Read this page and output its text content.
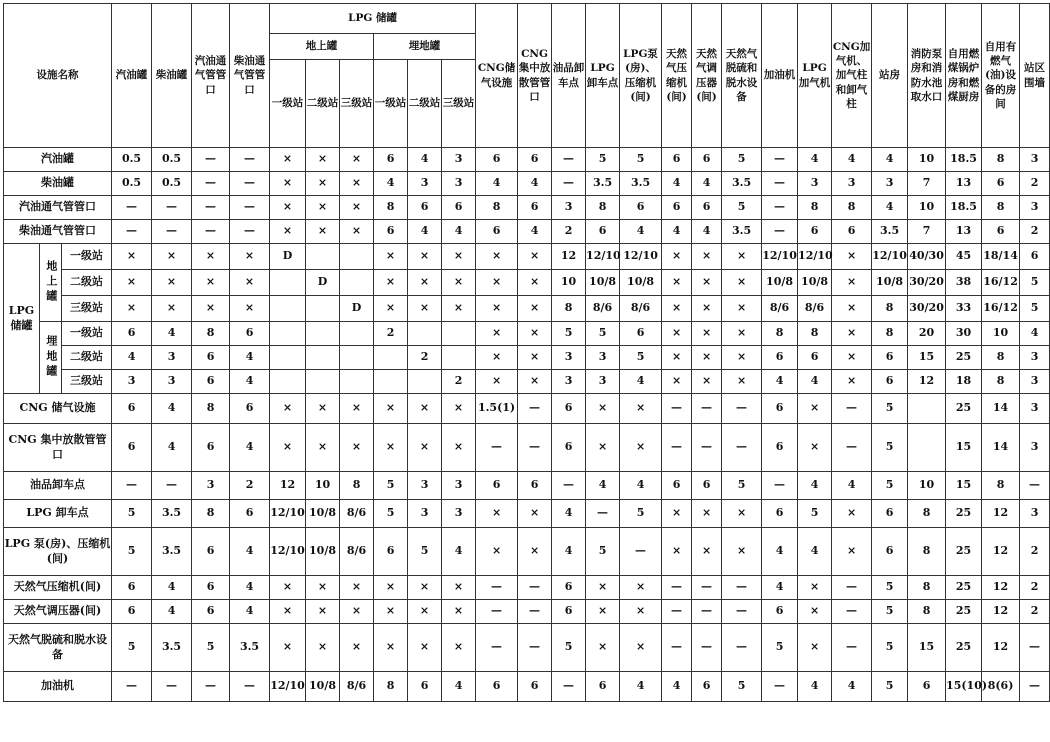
设施名称			汽油罐	柴油罐	汽油通气管管口	柴油通气管管口	LPG 储罐						CNG储气设施	CNG集中放散管管口	油品卸车点	LPG卸车点	LPG泵(房)、压缩机(间)	天然气压缩机(间)	天然气调压器(间)	天然气脱硫和脱水设备	加油机	LPG加气机	CNG加气机、加气柱和卸气柱	站房	消防泵房和消防水池取水口	自用燃煤锅炉房和燃煤厨房	自用有燃气(油)设备的房间	站区围墙
							地上罐			埋地罐																		
							一级站	二级站	三级站	一级站	二级站	三级站																
汽油罐			0.5	0.5	—	—	×	×	×	6	4	3	6	6	—	5	5	6	6	5	—	4	4	4	10	18.5	8	3
柴油罐			0.5	0.5	—	—	×	×	×	4	3	3	4	4	—	3.5	3.5	4	4	3.5	—	3	3	3	7	13	6	2
汽油通气管管口			—	—	—	—	×	×	×	8	6	6	8	6	3	8	6	6	6	5	—	8	8	4	10	18.5	8	3
柴油通气管管口			—	—	—	—	×	×	×	6	4	4	6	4	2	6	4	4	4	3.5	—	6	6	3.5	7	13	6	2
LPG储罐	地上罐	一级站	×	×	×	×	D			×	×	×	×	×	12	12/10	12/10	×	×	×	12/10	12/10	×	12/10	40/30	45	18/14	6
		二级站	×	×	×	×		D		×	×	×	×	×	10	10/8	10/8	×	×	×	10/8	10/8	×	10/8	30/20	38	16/12	5
		三级站	×	×	×	×			D	×	×	×	×	×	8	8/6	8/6	×	×	×	8/6	8/6	×	8	30/20	33	16/12	5
	埋地罐	一级站	6	4	8	6				2			×	×	5	5	6	×	×	×	8	8	×	8	20	30	10	4
		二级站	4	3	6	4					2		×	×	3	3	5	×	×	×	6	6	×	6	15	25	8	3
		三级站	3	3	6	4						2	×	×	3	3	4	×	×	×	4	4	×	6	12	18	8	3
CNG 储气设施			6	4	8	6	×	×	×	×	×	×	1.5(1)	—	6	×	×	—	—	—	6	×	—	5		25	14	3
CNG 集中放散管管口			6	4	6	4	×	×	×	×	×	×	—	—	6	×	×	—	—	—	6	×	—	5		15	14	3
油品卸车点			—	—	3	2	12	10	8	5	3	3	6	6	—	4	4	6	6	5	—	4	4	5	10	15	8	—
LPG 卸车点			5	3.5	8	6	12/10	10/8	8/6	5	3	3	×	×	4	—	5	×	×	×	6	5	×	6	8	25	12	3
LPG 泵(房)、压缩机(间)			5	3.5	6	4	12/10	10/8	8/6	6	5	4	×	×	4	5	—	×	×	×	4	4	×	6	8	25	12	2
天然气压缩机(间)			6	4	6	4	×	×	×	×	×	×	—	—	6	×	×	—	—	—	4	×	—	5	8	25	12	2
天然气调压器(间)			6	4	6	4	×	×	×	×	×	×	—	—	6	×	×	—	—	—	6	×	—	5	8	25	12	2
天然气脱硫和脱水设备			5	3.5	5	3.5	×	×	×	×	×	×	—	—	5	×	×	—	—	—	5	×	—	5	15	25	12	—
加油机			—	—	—	—	12/10	10/8	8/6	8	6	4	6	6	—	6	4	4	6	5	—	4	4	5	6	15(10)	8(6)	—
